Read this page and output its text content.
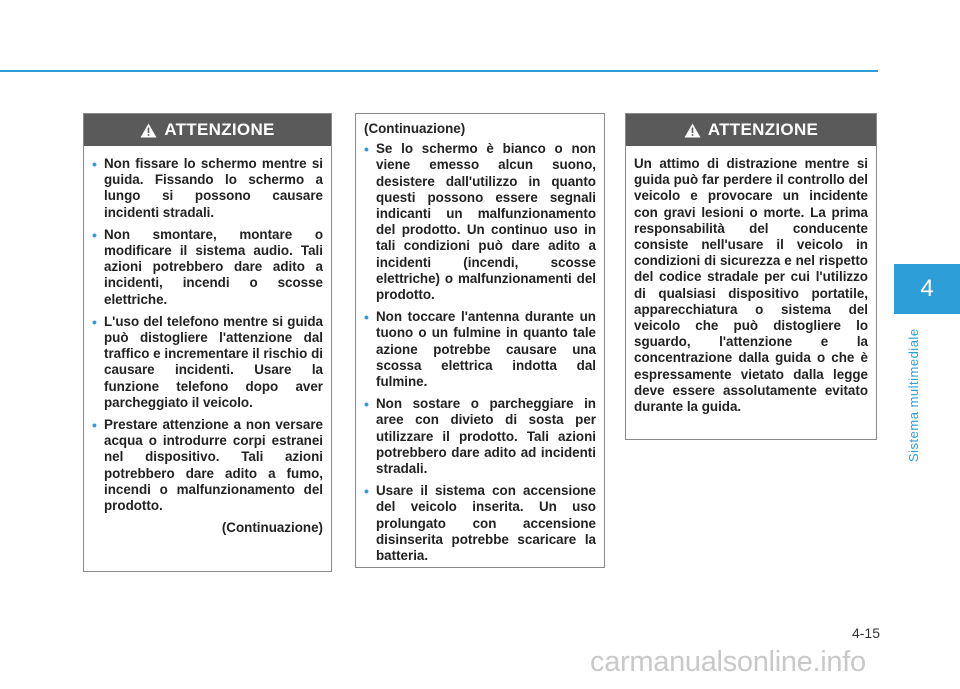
4
Sistema multimediale
ATTENZIONE
• Non fissare lo schermo mentre si guida. Fissando lo schermo a lungo si possono causare incidenti stradali.
• Non smontare, montare o modificare il sistema audio. Tali azioni potrebbero dare adito a incidenti, incendi o scosse elettriche.
• L'uso del telefono mentre si guida può distogliere l'attenzione dal traffico e incrementare il rischio di causare incidenti. Usare la funzione telefono dopo aver parcheggiato il veicolo.
• Prestare attenzione a non versare acqua o introdurre corpi estranei nel dispositivo. Tali azioni potrebbero dare adito a fumo, incendi o malfunzionamento del prodotto.
(Continuazione)
(Continuazione)
• Se lo schermo è bianco o non viene emesso alcun suono, desistere dall'utilizzo in quanto questi possono essere segnali indicanti un malfunzionamento del prodotto. Un continuo uso in tali condizioni può dare adito a incidenti (incendi, scosse elettriche) o malfunzionamenti del prodotto.
• Non toccare l'antenna durante un tuono o un fulmine in quanto tale azione potrebbe causare una scossa elettrica indotta dal fulmine.
• Non sostare o parcheggiare in aree con divieto di sosta per utilizzare il prodotto. Tali azioni potrebbero dare adito ad incidenti stradali.
• Usare il sistema con accensione del veicolo inserita. Un uso prolungato con accensione disinserita potrebbe scaricare la batteria.
ATTENZIONE
Un attimo di distrazione mentre si guida può far perdere il controllo del veicolo e provocare un incidente con gravi lesioni o morte. La prima responsabilità del conducente consiste nell'usare il veicolo in condizioni di sicurezza e nel rispetto del codice stradale per cui l'utilizzo di qualsiasi dispositivo portatile, apparecchiatura o sistema del veicolo che può distogliere lo sguardo, l'attenzione e la concentrazione dalla guida o che è espressamente vietato dalla legge deve essere assolutamente evitato durante la guida.
4-15
carmanualsonline.info
